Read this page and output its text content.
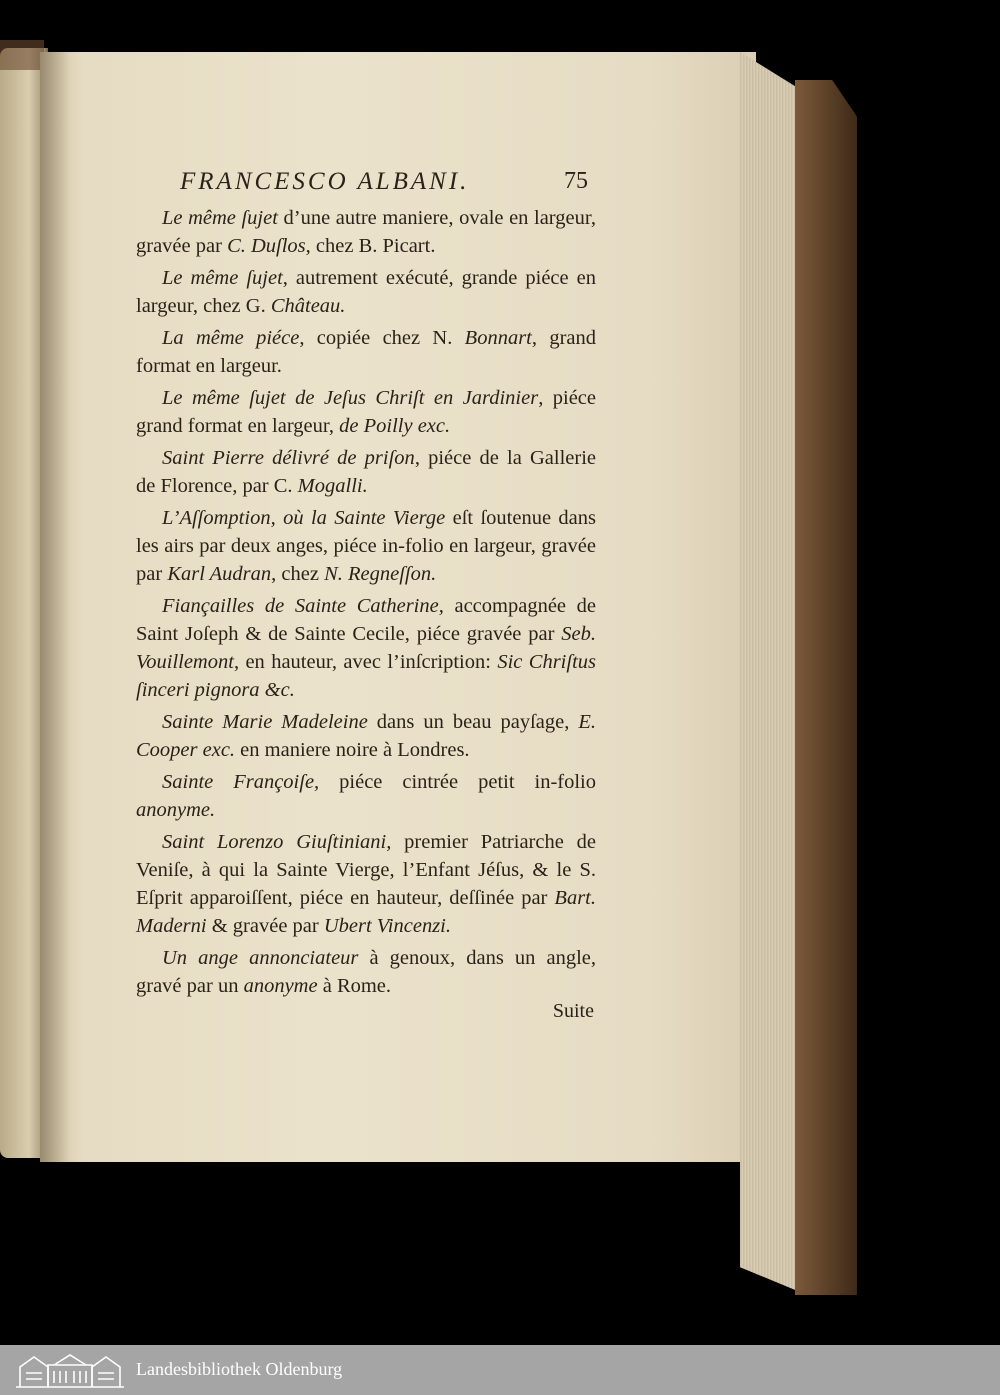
FRANCESCO ALBANI.	75

Le même ſujet d’une autre maniere, ovale en largeur, gravée par C. Duſlos, chez B. Picart.

Le même ſujet, autrement exécuté, grande piéce en largeur, chez G. Château.

La même piéce, copiée chez N. Bonnart, grand format en largeur.

Le même ſujet de Jeſus Chriſt en Jardinier, piéce grand format en largeur, de Poilly exc.

Saint Pierre délivré de priſon, piéce de la Gallerie de Florence, par C. Mogalli.

L’Aſſomption, où la Sainte Vierge eſt ſoutenue dans les airs par deux anges, piéce in-folio en largeur, gravée par Karl Audran, chez N. Regneſſon.

Fiançailles de Sainte Catherine, accompagnée de Saint Joſeph & de Sainte Cecile, piéce gravée par Seb. Vouillemont, en hauteur, avec l’inſcription: Sic Chriſtus ſinceri pignora &c.

Sainte Marie Madeleine dans un beau payſage, E. Cooper exc. en maniere noire à Londres.

Sainte Françoiſe, piéce cintrée petit in-folio anonyme.

Saint Lorenzo Giuſtiniani, premier Patriarche de Veniſe, à qui la Sainte Vierge, l’Enfant Jéſus, & le S. Eſprit apparoiſſent, piéce en hauteur, deſſinée par Bart. Maderni & gravée par Ubert Vincenzi.

Un ange annonciateur à genoux, dans un angle, gravé par un anonyme à Rome.

Suite
Landesbibliothek Oldenburg
